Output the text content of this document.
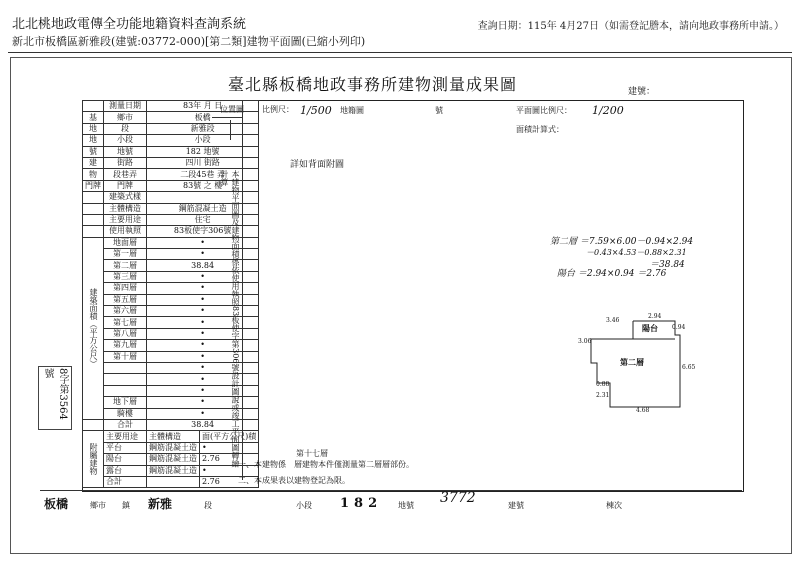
北北桃地政電傳全功能地籍資料查詢系統
新北市板橋區新雅段(建號:03772-000)[第二類]建物平面圖(已縮小列印)
查詢日期：115年 4月27日（如需登記謄本，請向地政事務所申請。）
臺北縣板橋地政事務所建物測量成果圖	建號：
	測量日期	83年 月 日	
基	鄉市	板橋	
地	段	新雅段	
地	小段	小段	
號	地號	182 地號	
建	街路	四川 街路	
物	段巷弄	二段45巷 弄	
門牌	門牌	83號 之 樓	
	建築式樣		
	主體構造	鋼筋混凝土造	
	主要用途	住宅	
	使用執照	83板使字306號	
建築面積（平方公尺）	地面層	•	
	第一層	•	
	第二層	38.84	
	第三層	•	
	第四層	•	
	第五層	•	
	第六層	•	
	第七層	•	
	第八層	•	
	第九層	•	
	第十層	•	
		•	
		•	
		•	
	地下層	•	
	騎樓	•	
	合計	38.84	
附屬建物	主要用途	主體構造	面(平方公尺)積
	平台	鋼筋混凝土造	•
	陽台	鋼筋混凝土造	2.76
	露台	鋼筋混凝土造	•
	合計		2.76
位置圖 比例尺： 1/500 地籍圖	號	平面圖比例尺： 1/200
面積計算式：
詳如背面附圖
本建物平面圖及建物面積係依使用執照83板使字第306號設計圖說或竣工平面圖轉繪計算
第二層 ＝7.59×6.00－0.94×2.94
－0.43×4.53－0.88×2.31
＝38.84
陽台 ＝2.94×0.94 ＝2.76
陽台
第二層
2.94
3.46
0.94
6.65
4.68
3.06
0.88
2.31
第十七層
一、本建物係　層建物本件僅測量第二層層部份。
二、本成果表以建物登記為限。
板橋	鄉市 鎮 新雅	段	小段 182 地號 3772	建號	棟次
8字第3564號
